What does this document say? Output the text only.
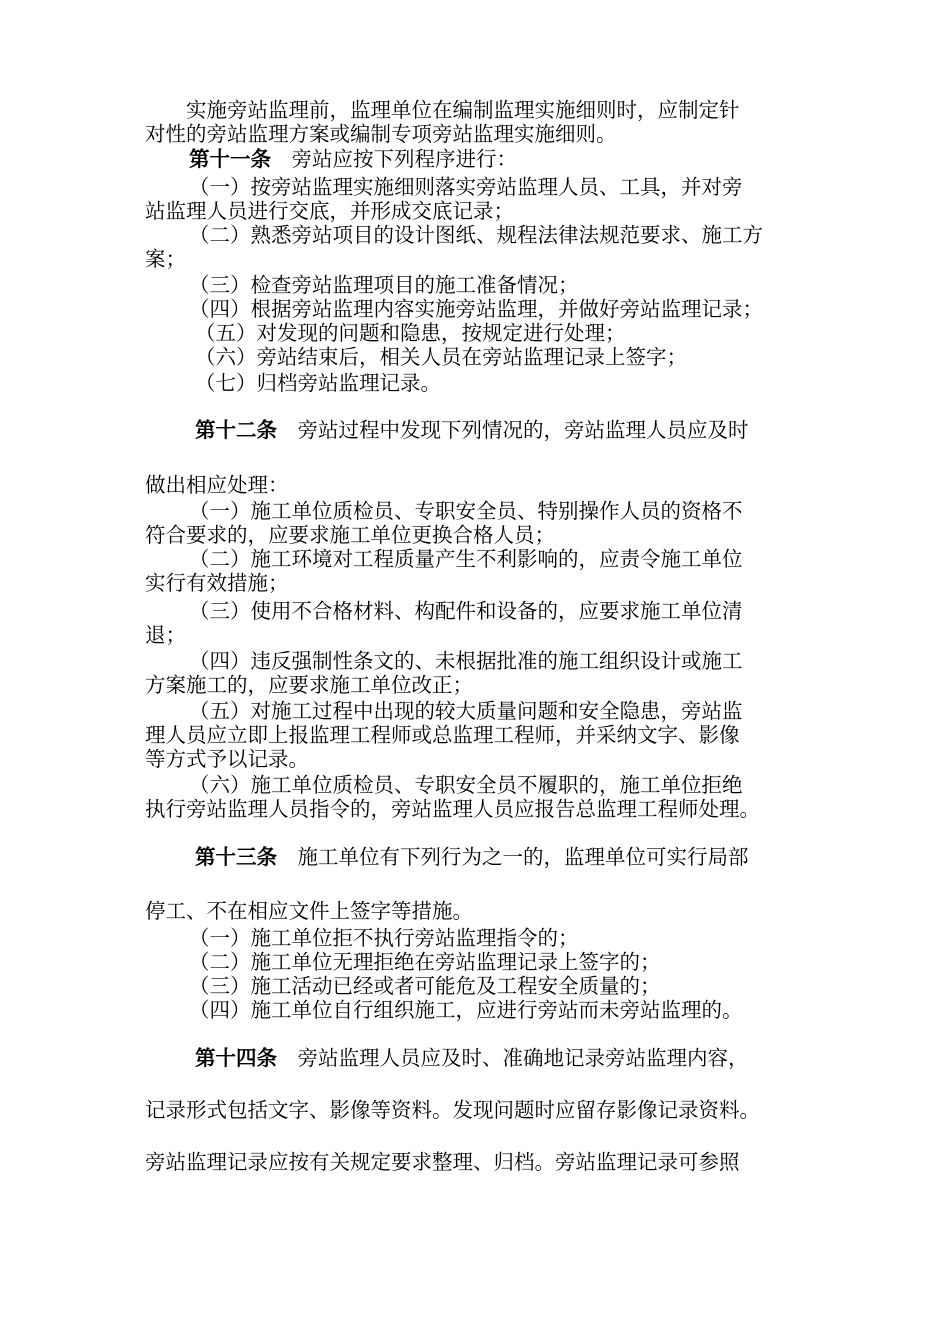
　　实施旁站监理前，监理单位在编制监理实施细则时，应制定针
对性的旁站监理方案或编制专项旁站监理实施细则。
第十一条　旁站应按下列程序进行：
（一）按旁站监理实施细则落实旁站监理人员、工具，并对旁
站监理人员进行交底，并形成交底记录；
（二）熟悉旁站项目的设计图纸、规程法律法规范要求、施工方
案；
（三）检查旁站监理项目的施工准备情况；
（四）根据旁站监理内容实施旁站监理，并做好旁站监理记录；
（五）对发现的问题和隐患，按规定进行处理；
（六）旁站结束后，相关人员在旁站监理记录上签字；
（七）归档旁站监理记录。
第十二条　旁站过程中发现下列情况的，旁站监理人员应及时
做出相应处理：
（一）施工单位质检员、专职安全员、特别操作人员的资格不
符合要求的，应要求施工单位更换合格人员；
（二）施工环境对工程质量产生不利影响的，应责令施工单位
实行有效措施；
（三）使用不合格材料、构配件和设备的，应要求施工单位清
退；
（四）违反强制性条文的、未根据批准的施工组织设计或施工
方案施工的，应要求施工单位改正；
（五）对施工过程中出现的较大质量问题和安全隐患，旁站监
理人员应立即上报监理工程师或总监理工程师，并采纳文字、影像
等方式予以记录。
（六）施工单位质检员、专职安全员不履职的，施工单位拒绝
执行旁站监理人员指令的，旁站监理人员应报告总监理工程师处理。
第十三条　施工单位有下列行为之一的，监理单位可实行局部
停工、不在相应文件上签字等措施。
（一）施工单位拒不执行旁站监理指令的；
（二）施工单位无理拒绝在旁站监理记录上签字的；
（三）施工活动已经或者可能危及工程安全质量的；
（四）施工单位自行组织施工，应进行旁站而未旁站监理的。
第十四条　旁站监理人员应及时、准确地记录旁站监理内容，
记录形式包括文字、影像等资料。发现问题时应留存影像记录资料。
旁站监理记录应按有关规定要求整理、归档。旁站监理记录可参照
